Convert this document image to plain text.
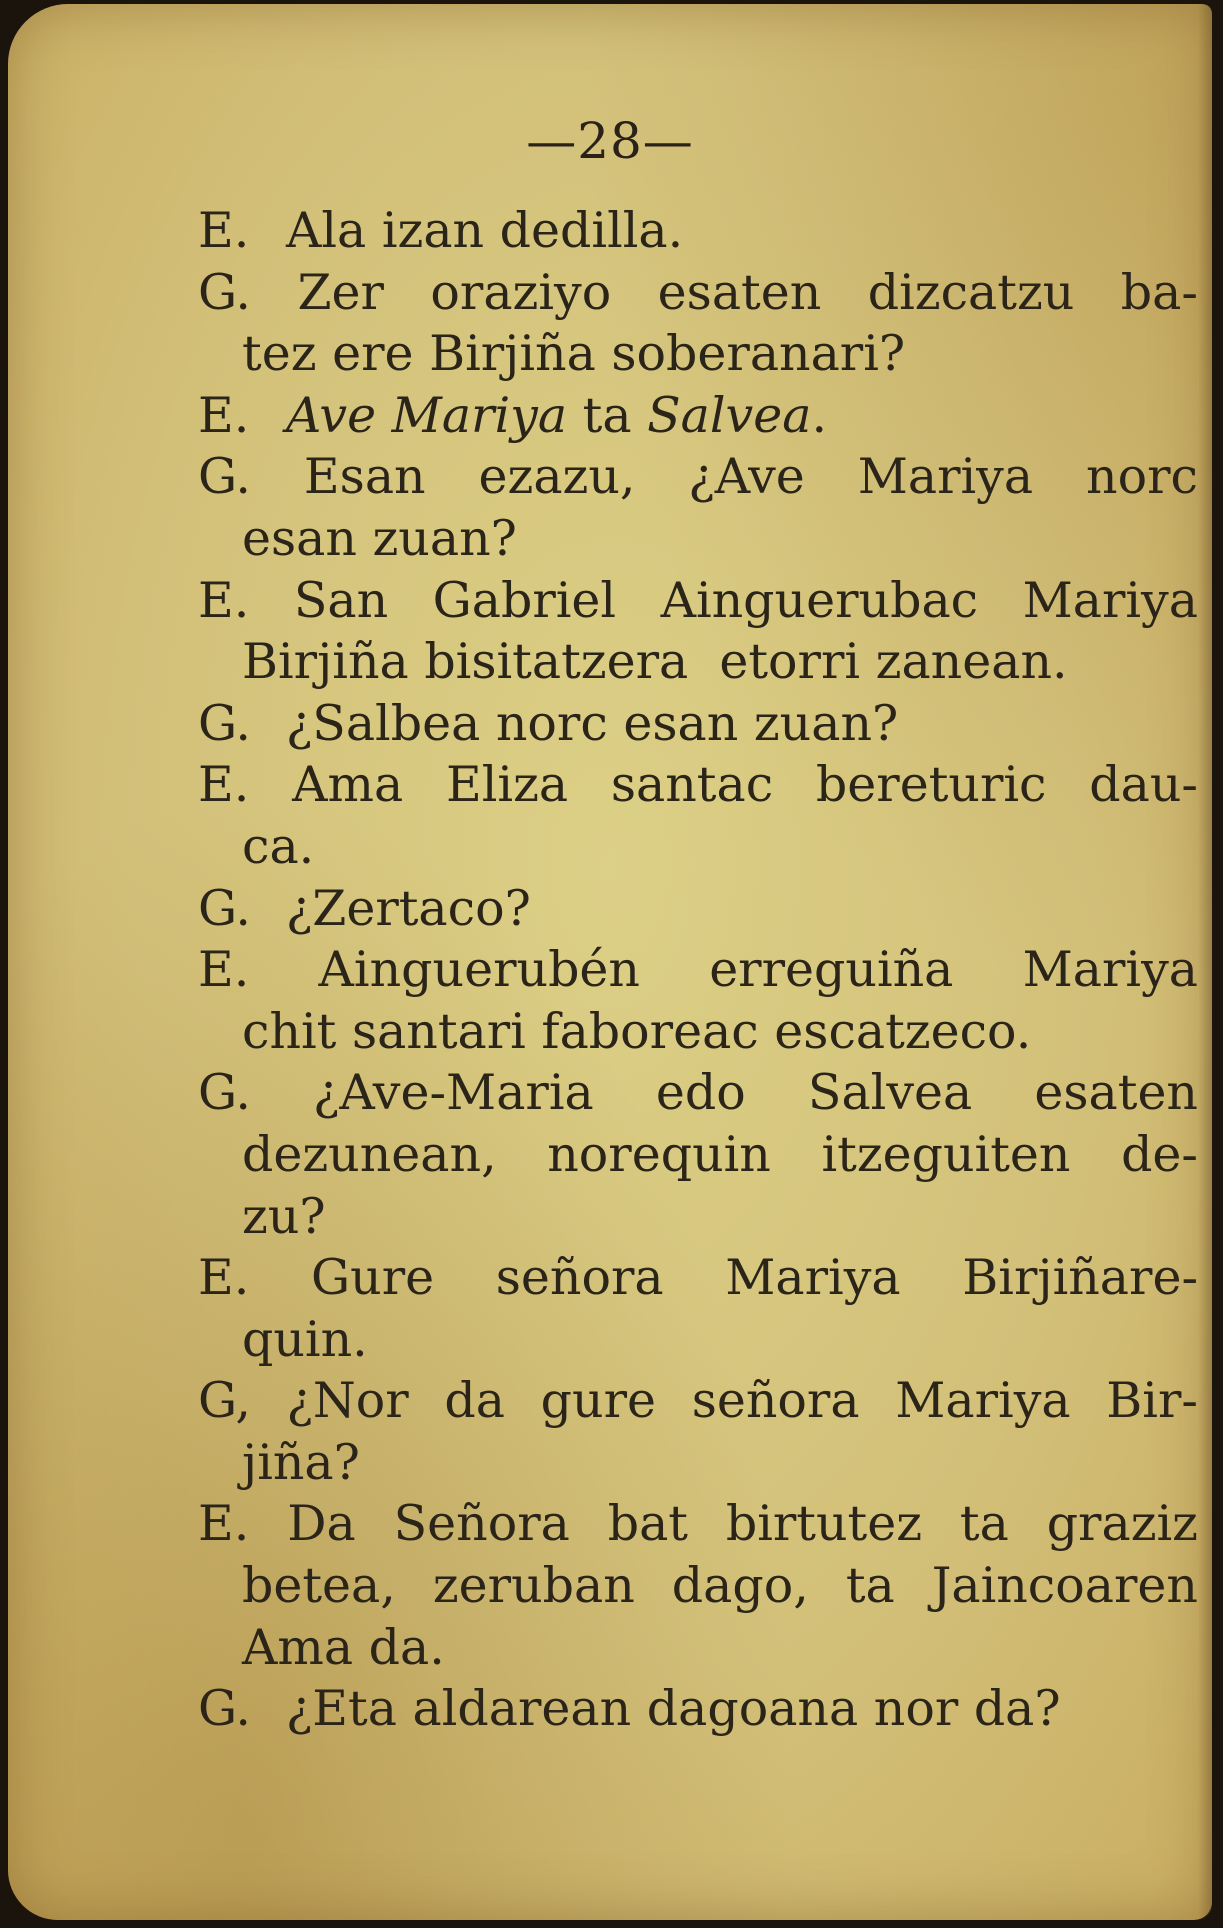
—28—
E. Ala izan dedilla.
G. Zer oraziyo esaten dizcatzu ba-
tez ere Birjiña soberanari?
E. Ave Mariya ta Salvea.
G. Esan ezazu, ¿Ave Mariya norc
esan zuan?
E. San Gabriel Ainguerubac Mariya
Birjiña bisitatzera  etorri zanean.
G. ¿Salbea norc esan zuan?
E. Ama Eliza santac bereturic dau-
ca.
G. ¿Zertaco?
E. Ainguerubén erreguiña Mariya
chit santari faboreac escatzeco.
G. ¿Ave-Maria edo Salvea esaten
dezunean, norequin itzeguiten de-
zu?
E. Gure señora Mariya Birjiñare-
quin.
G, ¿Nor da gure señora Mariya Bir-
jiña?
E. Da Señora bat birtutez ta graziz
betea, zeruban dago, ta Jaincoaren
Ama da.
G. ¿Eta aldarean dagoana nor da?
